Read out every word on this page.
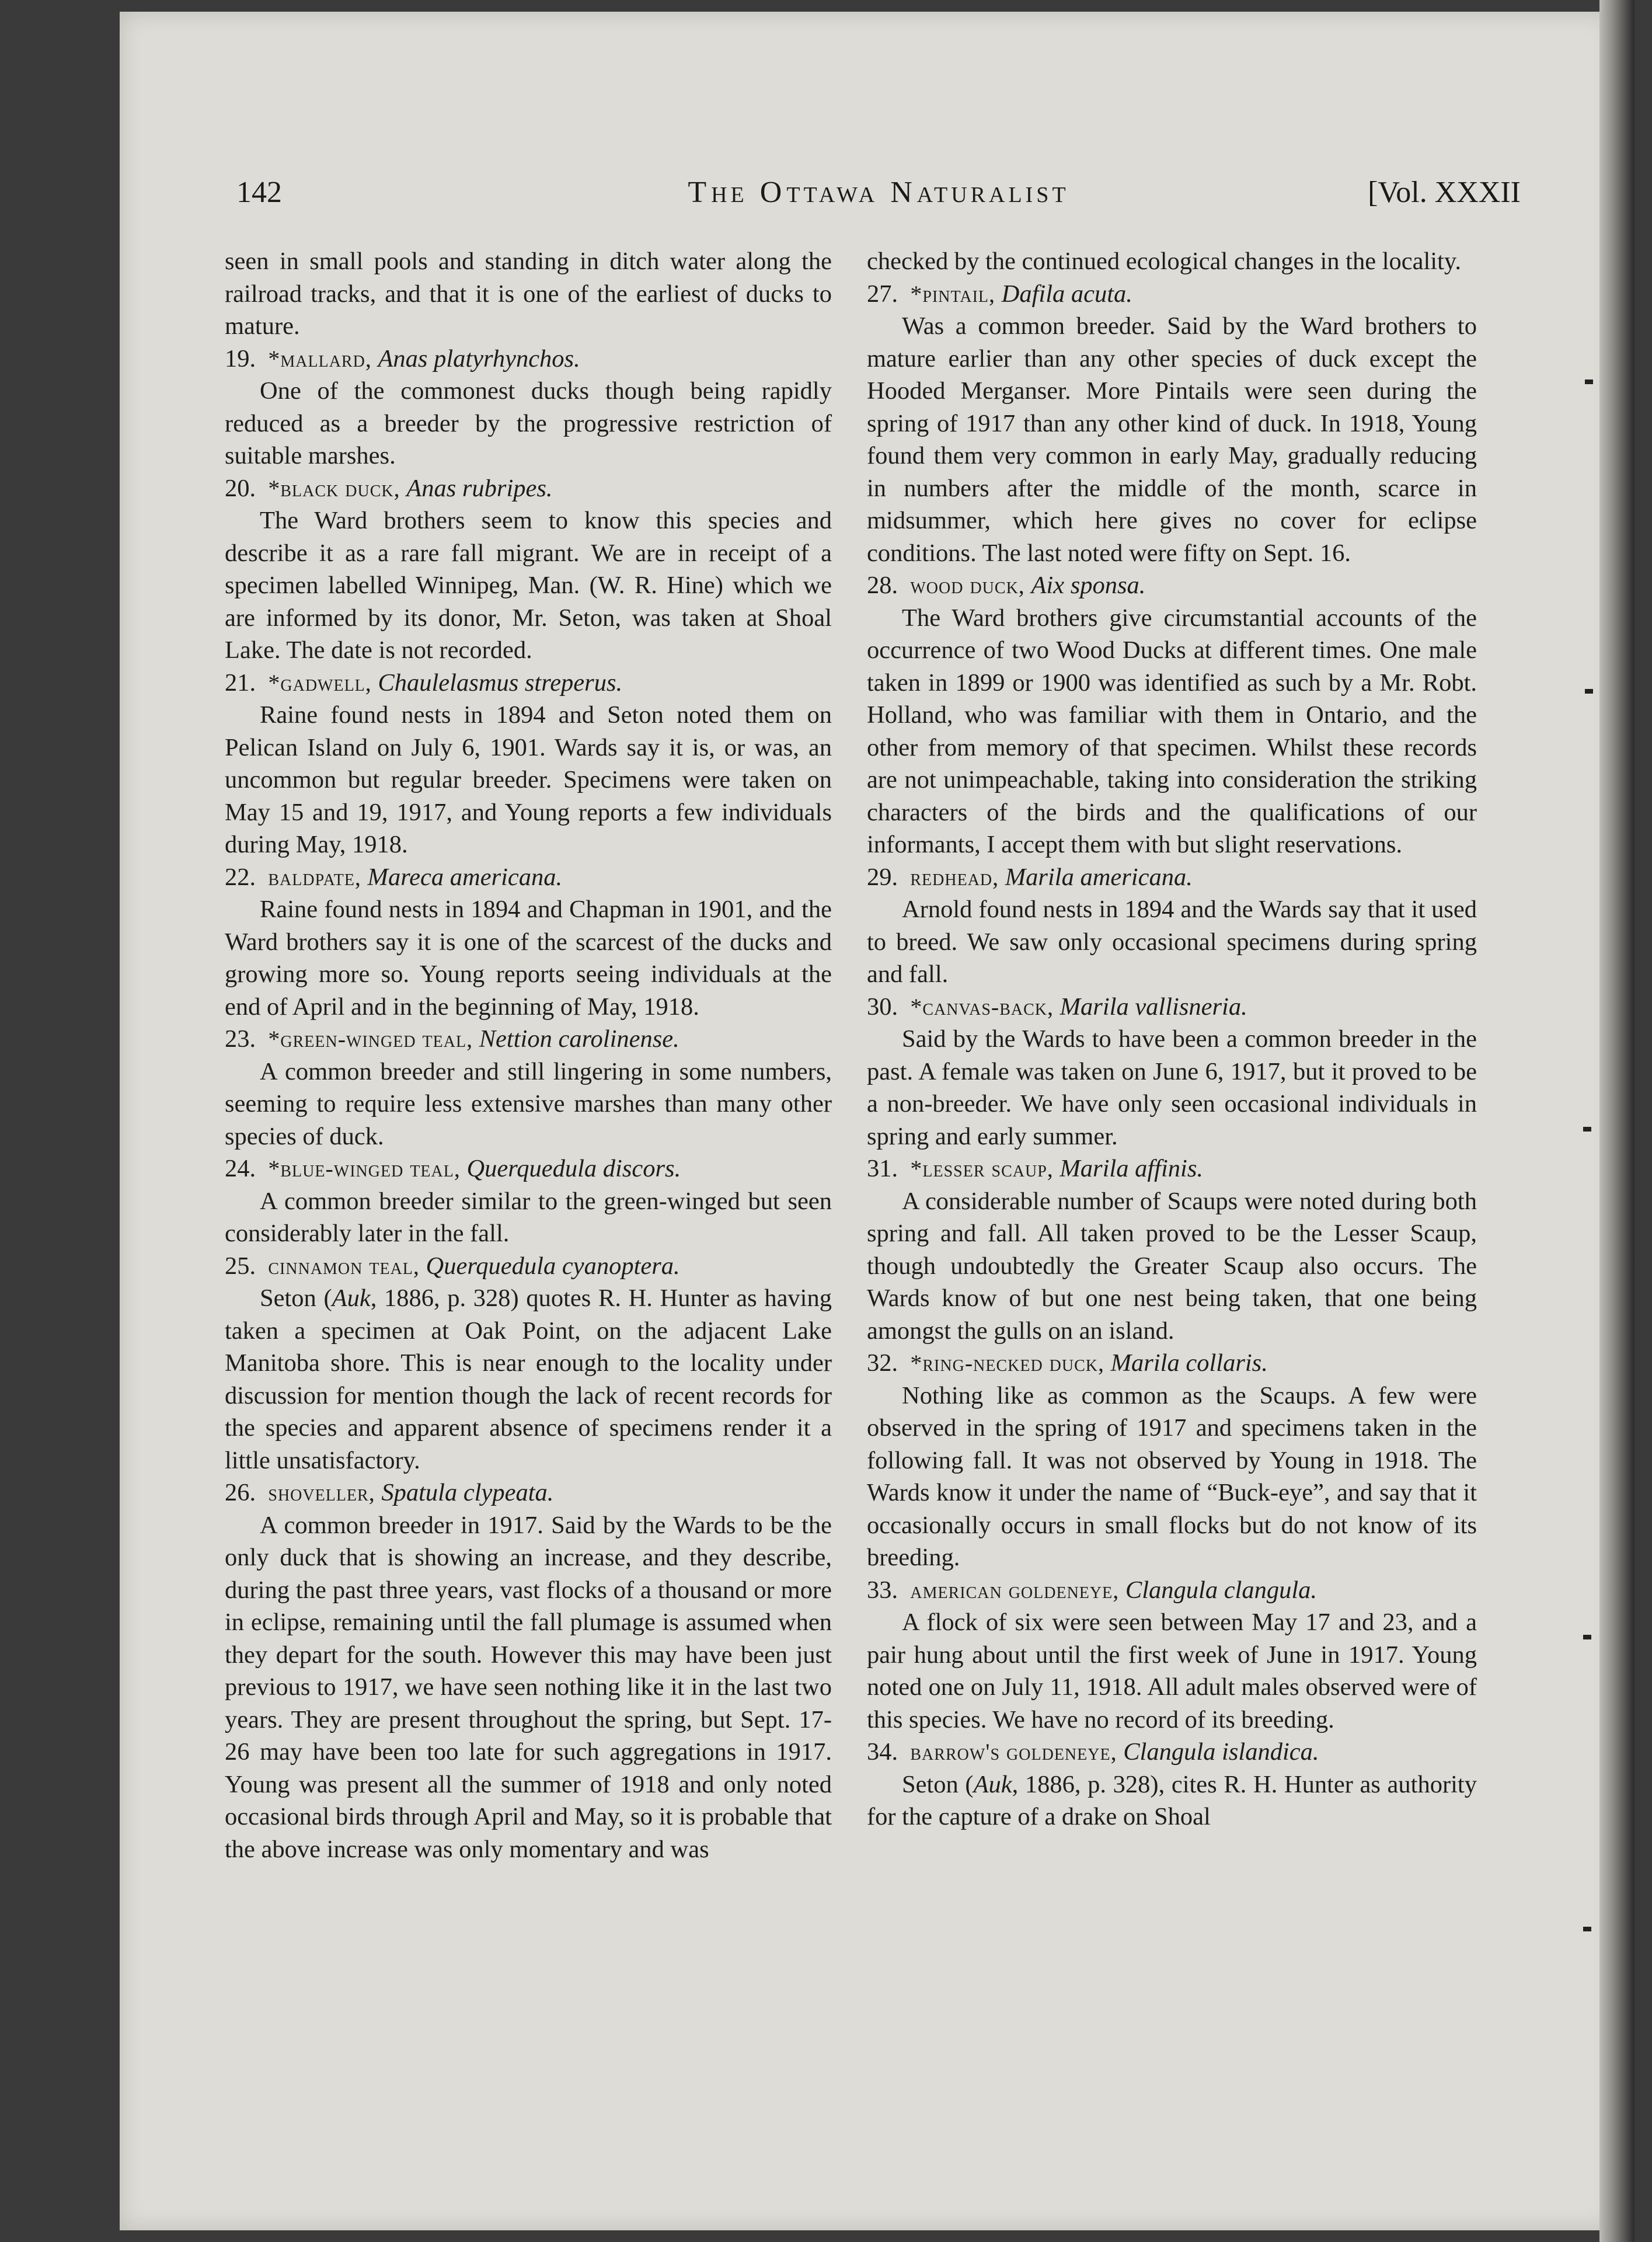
142	THE OTTAWA NATURALIST	[Vol. XXXII

seen in small pools and standing in ditch water along the railroad tracks, and that it is one of the earliest of ducks to mature.

19. *mallard, Anas platyrhynchos.

One of the commonest ducks though being rapidly reduced as a breeder by the progressive restriction of suitable marshes.

20. *black duck, Anas rubripes.

The Ward brothers seem to know this species and describe it as a rare fall migrant. We are in receipt of a specimen labelled Winnipeg, Man. (W. R. Hine) which we are informed by its donor, Mr. Seton, was taken at Shoal Lake. The date is not recorded.

21. *gadwell, Chaulelasmus streperus.

Raine found nests in 1894 and Seton noted them on Pelican Island on July 6, 1901. Wards say it is, or was, an uncommon but regular breeder. Specimens were taken on May 15 and 19, 1917, and Young reports a few individuals during May, 1918.

22. baldpate, Mareca americana.

Raine found nests in 1894 and Chapman in 1901, and the Ward brothers say it is one of the scarcest of the ducks and growing more so. Young reports seeing individuals at the end of April and in the beginning of May, 1918.

23. *green-winged teal, Nettion carolinense.

A common breeder and still lingering in some numbers, seeming to require less extensive marshes than many other species of duck.

24. *blue-winged teal, Querquedula discors.

A common breeder similar to the green-winged but seen considerably later in the fall.

25. cinnamon teal, Querquedula cyanoptera.

Seton (Auk, 1886, p. 328) quotes R. H. Hunter as having taken a specimen at Oak Point, on the adjacent Lake Manitoba shore. This is near enough to the locality under discussion for mention though the lack of recent records for the species and apparent absence of specimens render it a little unsatisfactory.

26. shoveller, Spatula clypeata.

A common breeder in 1917. Said by the Wards to be the only duck that is showing an increase, and they describe, during the past three years, vast flocks of a thousand or more in eclipse, remaining until the fall plumage is assumed when they depart for the south. However this may have been just previous to 1917, we have seen nothing like it in the last two years. They are present throughout the spring, but Sept. 17-26 may have been too late for such aggregations in 1917. Young was present all the summer of 1918 and only noted occasional birds through April and May, so it is probable that the above increase was only momentary and was

checked by the continued ecological changes in the locality.

27. *pintail, Dafila acuta.

Was a common breeder. Said by the Ward brothers to mature earlier than any other species of duck except the Hooded Merganser. More Pintails were seen during the spring of 1917 than any other kind of duck. In 1918, Young found them very common in early May, gradually reducing in numbers after the middle of the month, scarce in midsummer, which here gives no cover for eclipse conditions. The last noted were fifty on Sept. 16.

28. wood duck, Aix sponsa.

The Ward brothers give circumstantial accounts of the occurrence of two Wood Ducks at different times. One male taken in 1899 or 1900 was identified as such by a Mr. Robt. Holland, who was familiar with them in Ontario, and the other from memory of that specimen. Whilst these records are not unimpeachable, taking into consideration the striking characters of the birds and the qualifications of our informants, I accept them with but slight reservations.

29. redhead, Marila americana.

Arnold found nests in 1894 and the Wards say that it used to breed. We saw only occasional specimens during spring and fall.

30. *canvas-back, Marila vallisneria.

Said by the Wards to have been a common breeder in the past. A female was taken on June 6, 1917, but it proved to be a non-breeder. We have only seen occasional individuals in spring and early summer.

31. *lesser scaup, Marila affinis.

A considerable number of Scaups were noted during both spring and fall. All taken proved to be the Lesser Scaup, though undoubtedly the Greater Scaup also occurs. The Wards know of but one nest being taken, that one being amongst the gulls on an island.

32. *ring-necked duck, Marila collaris.

Nothing like as common as the Scaups. A few were observed in the spring of 1917 and specimens taken in the following fall. It was not observed by Young in 1918. The Wards know it under the name of “Buck-eye”, and say that it occasionally occurs in small flocks but do not know of its breeding.

33. american goldeneye, Clangula clangula.

A flock of six were seen between May 17 and 23, and a pair hung about until the first week of June in 1917. Young noted one on July 11, 1918. All adult males observed were of this species. We have no record of its breeding.

34. barrow's goldeneye, Clangula islandica.

Seton (Auk, 1886, p. 328), cites R. H. Hunter as authority for the capture of a drake on Shoal
